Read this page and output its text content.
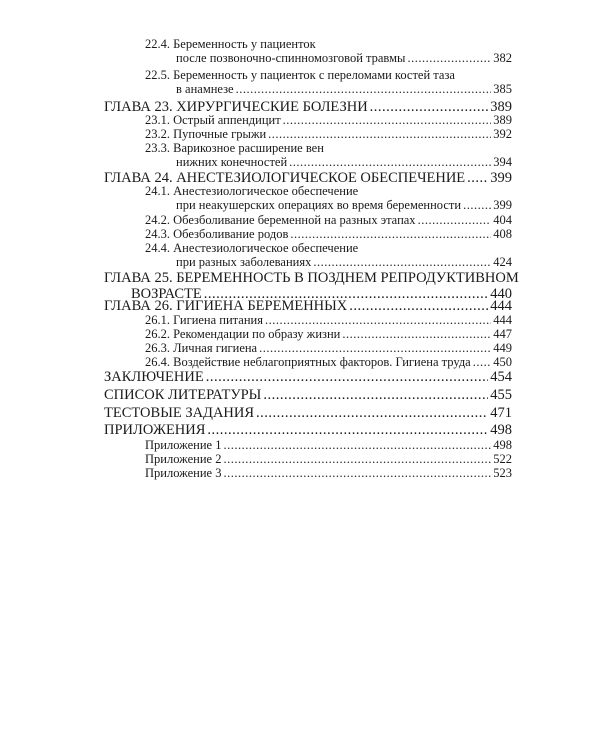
22.4. Беременность у пациенток
после позвоночно-спинномозговой травмы .....	382
22.5. Беременность у пациенток с переломами костей таза
в анамнезе .....	385
ГЛАВА 23. ХИРУРГИЧЕСКИЕ БОЛЕЗНИ .....	389
23.1. Острый аппендицит .....	389
23.2. Пупочные грыжи .....	392
23.3. Варикозное расширение вен
нижних конечностей .....	394
ГЛАВА 24. АНЕСТЕЗИОЛОГИЧЕСКОЕ ОБЕСПЕЧЕНИЕ ..... 399
24.1. Анестезиологическое обеспечение
при неакушерских операциях во время беременности .....	399
24.2. Обезболивание беременной на разных этапах .....	404
24.3. Обезболивание родов .....	408
24.4. Анестезиологическое обеспечение
при разных заболеваниях .....	424
ГЛАВА 25. БЕРЕМЕННОСТЬ В ПОЗДНЕМ РЕПРОДУКТИВНОМ
ВОЗРАСТЕ .....	440
ГЛАВА 26. ГИГИЕНА БЕРЕМЕННЫХ .....	444
26.1. Гигиена питания .....	444
26.2. Рекомендации по образу жизни .....	447
26.3. Личная гигиена .....	449
26.4. Воздействие неблагоприятных факторов. Гигиена труда ..... 450
ЗАКЛЮЧЕНИЕ .....	454
СПИСОК ЛИТЕРАТУРЫ .....	455
ТЕСТОВЫЕ ЗАДАНИЯ .....	471
ПРИЛОЖЕНИЯ .....	498
Приложение 1 .....	498
Приложение 2 .....	522
Приложение 3 .....	523
